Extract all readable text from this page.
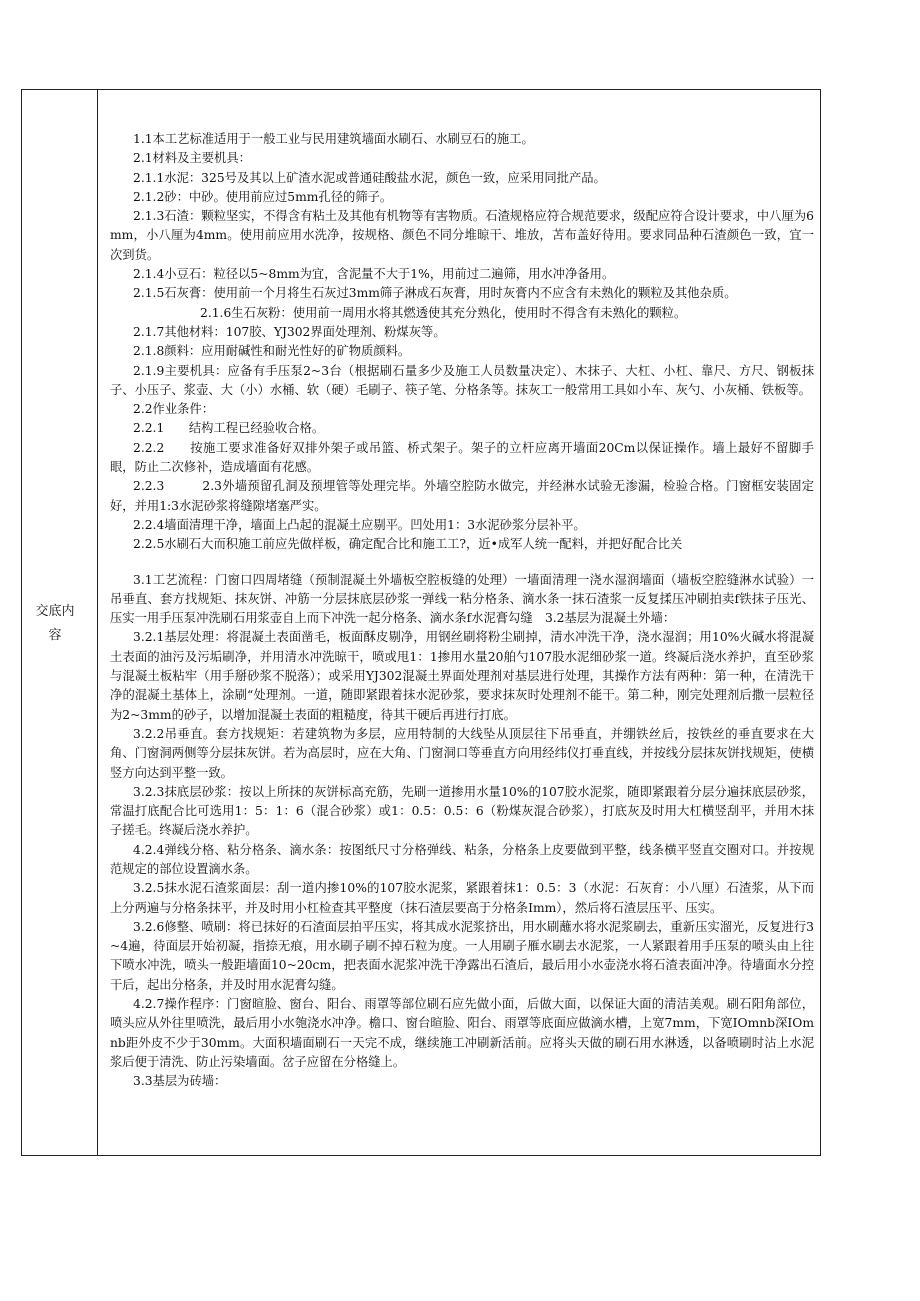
交底内容

1.1本工艺标准适用于一般工业与民用建筑墙面水刷石、水刷豆石的施工。

2.1材料及主要机具：

2.1.1水泥：325号及其以上矿渣水泥或普通硅酸盐水泥，颜色一致，应采用同批产品。

2.1.2砂：中砂。使用前应过5mm孔径的筛子。

2.1.3石渣：颗粒坚实，不得含有粘土及其他有机物等有害物质。石渣规格应符合规范要求，级配应符合设计要求，中八厘为6mm，小八厘为4mm。使用前应用水洗净，按规格、颜色不同分堆晾干、堆放，苫布盖好待用。要求同品种石渣颜色一致，宜一次到货。

2.1.4小豆石：粒径以5~8mm为宜，含泥量不大于1%，用前过二遍筛，用水冲净备用。

2.1.5石灰膏：使用前一个月将生石灰过3mm筛子淋成石灰膏，用时灰膏内不应含有未熟化的颗粒及其他杂质。

2.1.6生石灰粉：使用前一周用水将其燃透使其充分熟化，使用时不得含有未熟化的颗粒。

2.1.7其他材料：107胶、YJ302界面处理剂、粉煤灰等。

2.1.8颜料：应用耐碱性和耐光性好的矿物质颜料。

2.1.9主要机具：应备有手压泵2~3台（根据刷石量多少及施工人员数量决定）、木抹子、大杠、小杠、靠尺、方尺、钢板抹子、小压子、浆壶、大（小）水桶、软（硬）毛刷子、筷子笔、分格条等。抹灰工一般常用工具如小车、灰勺、小灰桶、铁板等。

2.2作业条件：

2.2.1　　结构工程已经验收合格。

2.2.2　　按施工要求准备好双排外架子或吊篮、桥式架子。架子的立杆应离开墙面20Cm以保证操作。墙上最好不留脚手眼，防止二次修补，造成墙面有花感。

2.2.3　　　2.3外墙预留孔洞及预埋管等处理完毕。外墙空腔防水做完，并经淋水试验无渗漏，检验合格。门窗框安装固定好，并用1:3水泥砂浆将缝隙堵塞严实。

2.2.4墙面清理干净，墙面上凸起的混凝土应剔平。凹处用1：3水泥砂浆分层补平。

2.2.5水刷石大而积施工前应先做样板，确定配合比和施工工?，近•成军人统一配料，并把好配合比关

3.1工艺流程：门窗口四周堵缝（预制混凝土外墙板空腔板缝的处理）一墙面清理一浇水湿润墙面（墙板空腔缝淋水试验）一吊垂直、套方找规矩、抹灰饼、冲筋一分层抹底层砂浆一弹线一粘分格条、滴水条一抹石渣浆一反复揉压冲刷拍卖f铁抹子压光、压实一用手压泵冲洗刷石用浆壶自上而下冲洗一起分格条、滴水条f水泥膏勾缝　3.2基层为混凝土外墙：

3.2.1基层处理：将混凝土表面凿毛，板面酥皮剔净，用钢丝刷将粉尘刷掉，清水冲洗干净，浇水湿润；用10%火碱水将混凝土表面的油污及污垢刷净，并用清水冲洗晾干，喷或甩1：1掺用水量20舶勺107股水泥细砂浆一道。终凝后浇水养护，直至砂浆与混凝土板粘牢（用手掰砂浆不脱落）；或采用YJ302混凝土界面处理剂对基层进行处理，其操作方法有两种：第一种，在清洗干净的混凝土基体上，涂刷“处理剂。一道，随即紧跟着抹水泥砂浆，要求抹灰时处理剂不能干。第二种，刚完处理剂后撒一层粒径为2~3mm的砂子，以增加混凝土表面的粗糙度，待其干硬后再进行打底。

3.2.2吊垂直。套方找规矩：若建筑物为多层，应用特制的大线坠从顶层往下吊垂直，并绷铁丝后，按铁丝的垂直要求在大角、门窗洞两侧等分层抹灰饼。若为高层时，应在大角、门窗洞口等垂直方向用经纬仪打垂直线，并按线分层抹灰饼找规矩，使横竖方向达到平整一致。

3.2.3抹底层砂浆：按以上所抹的灰饼标高充筋，先刷一道掺用水量10%的107胶水泥浆，随即紧跟着分层分遍抹底层砂浆，常温打底配合比可选用1：5：1：6（混合砂浆）或1：0.5：0.5：6（粉煤灰混合砂浆），打底灰及时用大杠横竖刮平，并用木抹子搓毛。终凝后浇水养护。

4.2.4弹线分格、粘分格条、滴水条：按图纸尺寸分格弹线、粘条，分格条上皮要做到平整，线条横平竖直交圈对口。并按规范规定的部位设置滴水条。

3.2.5抹水泥石渣浆面层：刮一道内掺10%的107胶水泥浆，紧跟着抹1：0.5：3（水泥：石灰育：小八厘）石渣浆，从下而上分两遍与分格条抹平，并及时用小杠检查其平整度（抹石渣层要高于分格条Imm），然后将石渣层压平、压实。

3.2.6修整、喷刷：将已抹好的石渣面层拍平压实，将其成水泥浆挤出，用水刷蘸水将水泥浆刷去，重新压实溜光，反复进行3~4遍，待面层开始初凝，指捺无痕，用水刷子刷不掉石粒为度。一人用刷子雁水刷去水泥浆，一人紧跟着用手压泵的喷头由上往下喷水冲洗，喷头一般距墙面10~20cm，把表面水泥浆冲洗干净露出石渣后，最后用小水壶浇水将石渣表面冲净。待墙面水分控干后，起出分格条，并及时用水泥膏勾缝。

4.2.7操作程序：门窗暄脸、窗台、阳台、雨罩等部位刷石应先做小面，后做大面，以保证大面的清洁美观。刷石阳角部位，喷头应从外往里喷洗，最后用小水匏浇水冲净。檐口、窗台暄脸、阳台、雨罩等底面应做滴水槽，上宽7mm，下宽IOmnb深IOmnb距外皮不少于30mm。大面积墙面刷石一天完不成，继续施工冲刷新活前。应将头天做的刷石用水淋透，以备喷刷时沾上水泥浆后便于清洗、防止污染墙面。岔子应留在分格缝上。

3.3基层为砖墙：
